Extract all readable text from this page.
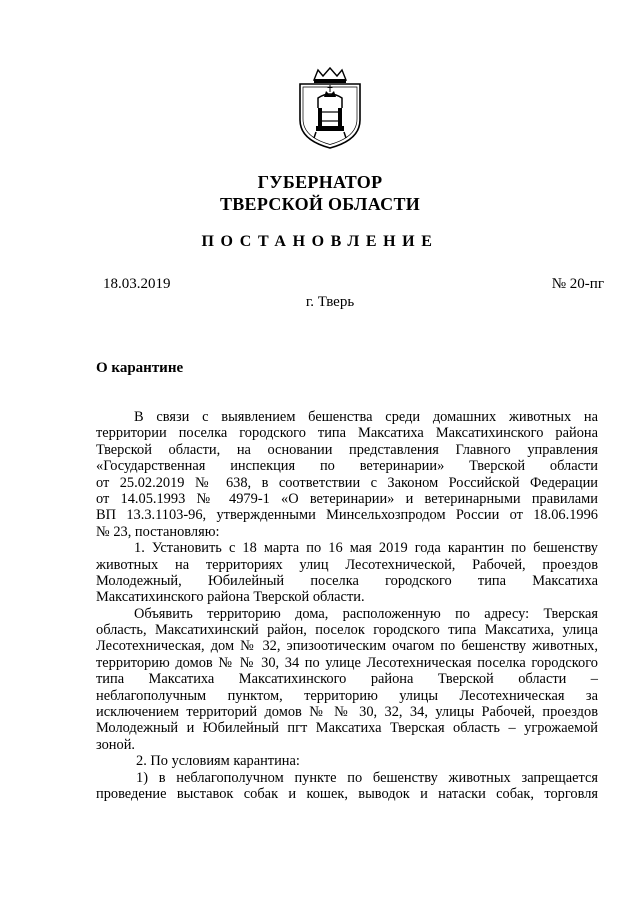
ГУБЕРНАТОР
ТВЕРСКОЙ ОБЛАСТИ
ПОСТАНОВЛЕНИЕ
18.03.2019	№ 20-пг
г. Тверь
О карантине
В связи с выявлением бешенства среди домашних животных на
территории поселка городского типа Максатиха Максатихинского района
Тверской области, на основании представления Главного управления
«Государственная инспекция по ветеринарии» Тверской области
от 25.02.2019 № 638, в соответствии с Законом Российской Федерации
от 14.05.1993 № 4979-1 «О ветеринарии» и ветеринарными правилами
ВП 13.3.1103-96, утвержденными Минсельхозпродом России от 18.06.1996
№ 23, постановляю:
1. Установить с 18 марта по 16 мая 2019 года карантин по бешенству
животных на территориях улиц Лесотехнической, Рабочей, проездов
Молодежный, Юбилейный поселка городского типа Максатиха
Максатихинского района Тверской области.
Объявить территорию дома, расположенную по адресу: Тверская
область, Максатихинский район, поселок городского типа Максатиха, улица
Лесотехническая, дом № 32, эпизоотическим очагом по бешенству животных,
территорию домов № № 30, 34 по улице Лесотехническая поселка городского
типа Максатиха Максатихинского района Тверской области –
неблагополучным пунктом, территорию улицы Лесотехническая за
исключением территорий домов № № 30, 32, 34, улицы Рабочей, проездов
Молодежный и Юбилейный пгт Максатиха Тверская область – угрожаемой
зоной.
2. По условиям карантина:
1) в неблагополучном пункте по бешенству животных запрещается
проведение выставок собак и кошек, выводок и натаски собак, торговля
